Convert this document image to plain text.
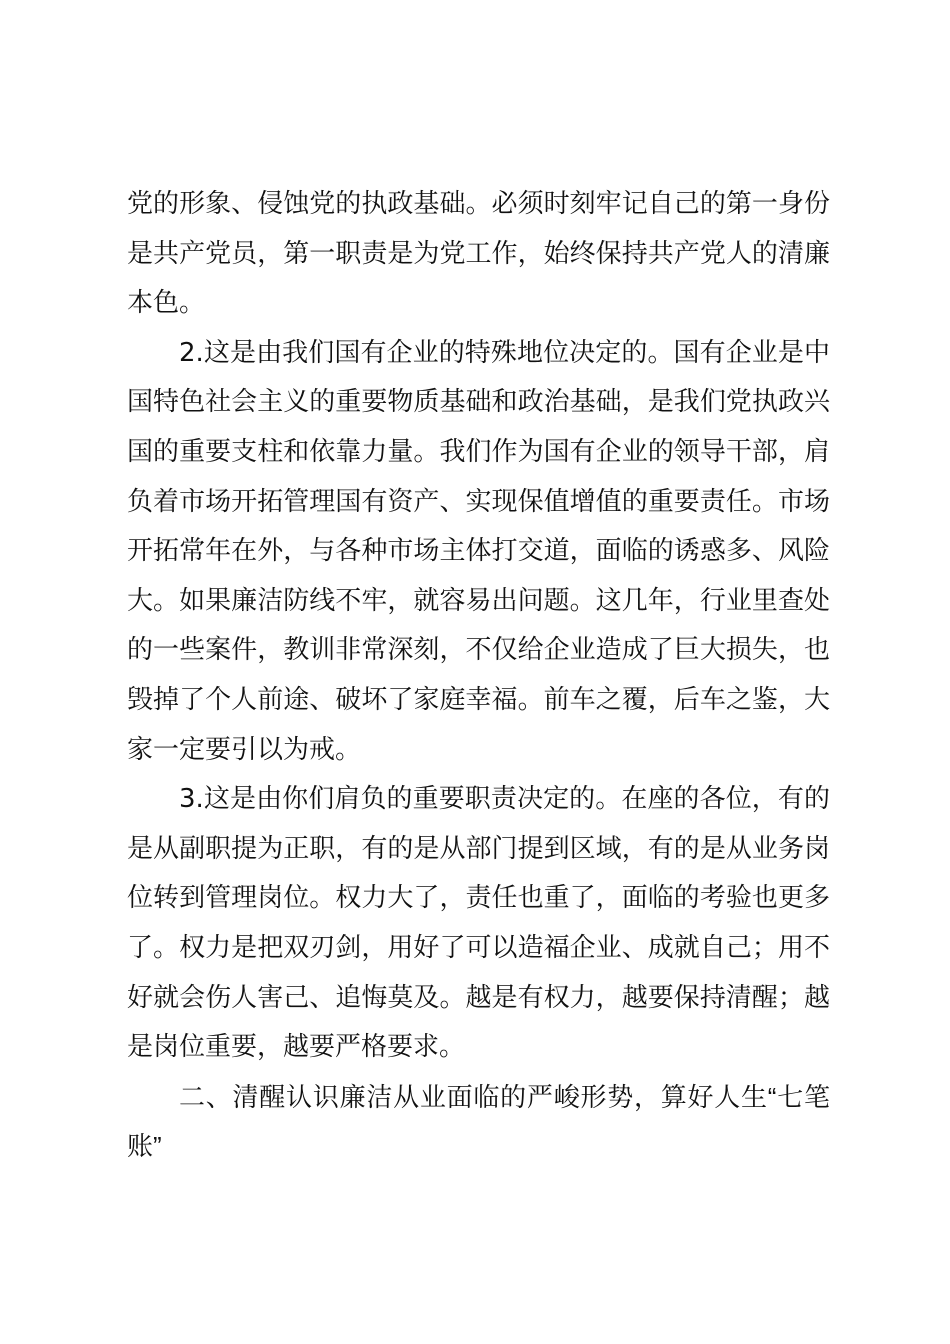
党的形象、侵蚀党的执政基础。必须时刻牢记自己的第一身份是共产党员，第一职责是为党工作，始终保持共产党人的清廉本色。

2.这是由我们国有企业的特殊地位决定的。国有企业是中国特色社会主义的重要物质基础和政治基础，是我们党执政兴国的重要支柱和依靠力量。我们作为国有企业的领导干部，肩负着市场开拓管理国有资产、实现保值增值的重要责任。市场开拓常年在外，与各种市场主体打交道，面临的诱惑多、风险大。如果廉洁防线不牢，就容易出问题。这几年，行业里查处的一些案件，教训非常深刻，不仅给企业造成了巨大损失，也毁掉了个人前途、破坏了家庭幸福。前车之覆，后车之鉴，大家一定要引以为戒。

3.这是由你们肩负的重要职责决定的。在座的各位，有的是从副职提为正职，有的是从部门提到区域，有的是从业务岗位转到管理岗位。权力大了，责任也重了，面临的考验也更多了。权力是把双刃剑，用好了可以造福企业、成就自己；用不好就会伤人害己、追悔莫及。越是有权力，越要保持清醒；越是岗位重要，越要严格要求。

二、清醒认识廉洁从业面临的严峻形势，算好人生“七笔账”
